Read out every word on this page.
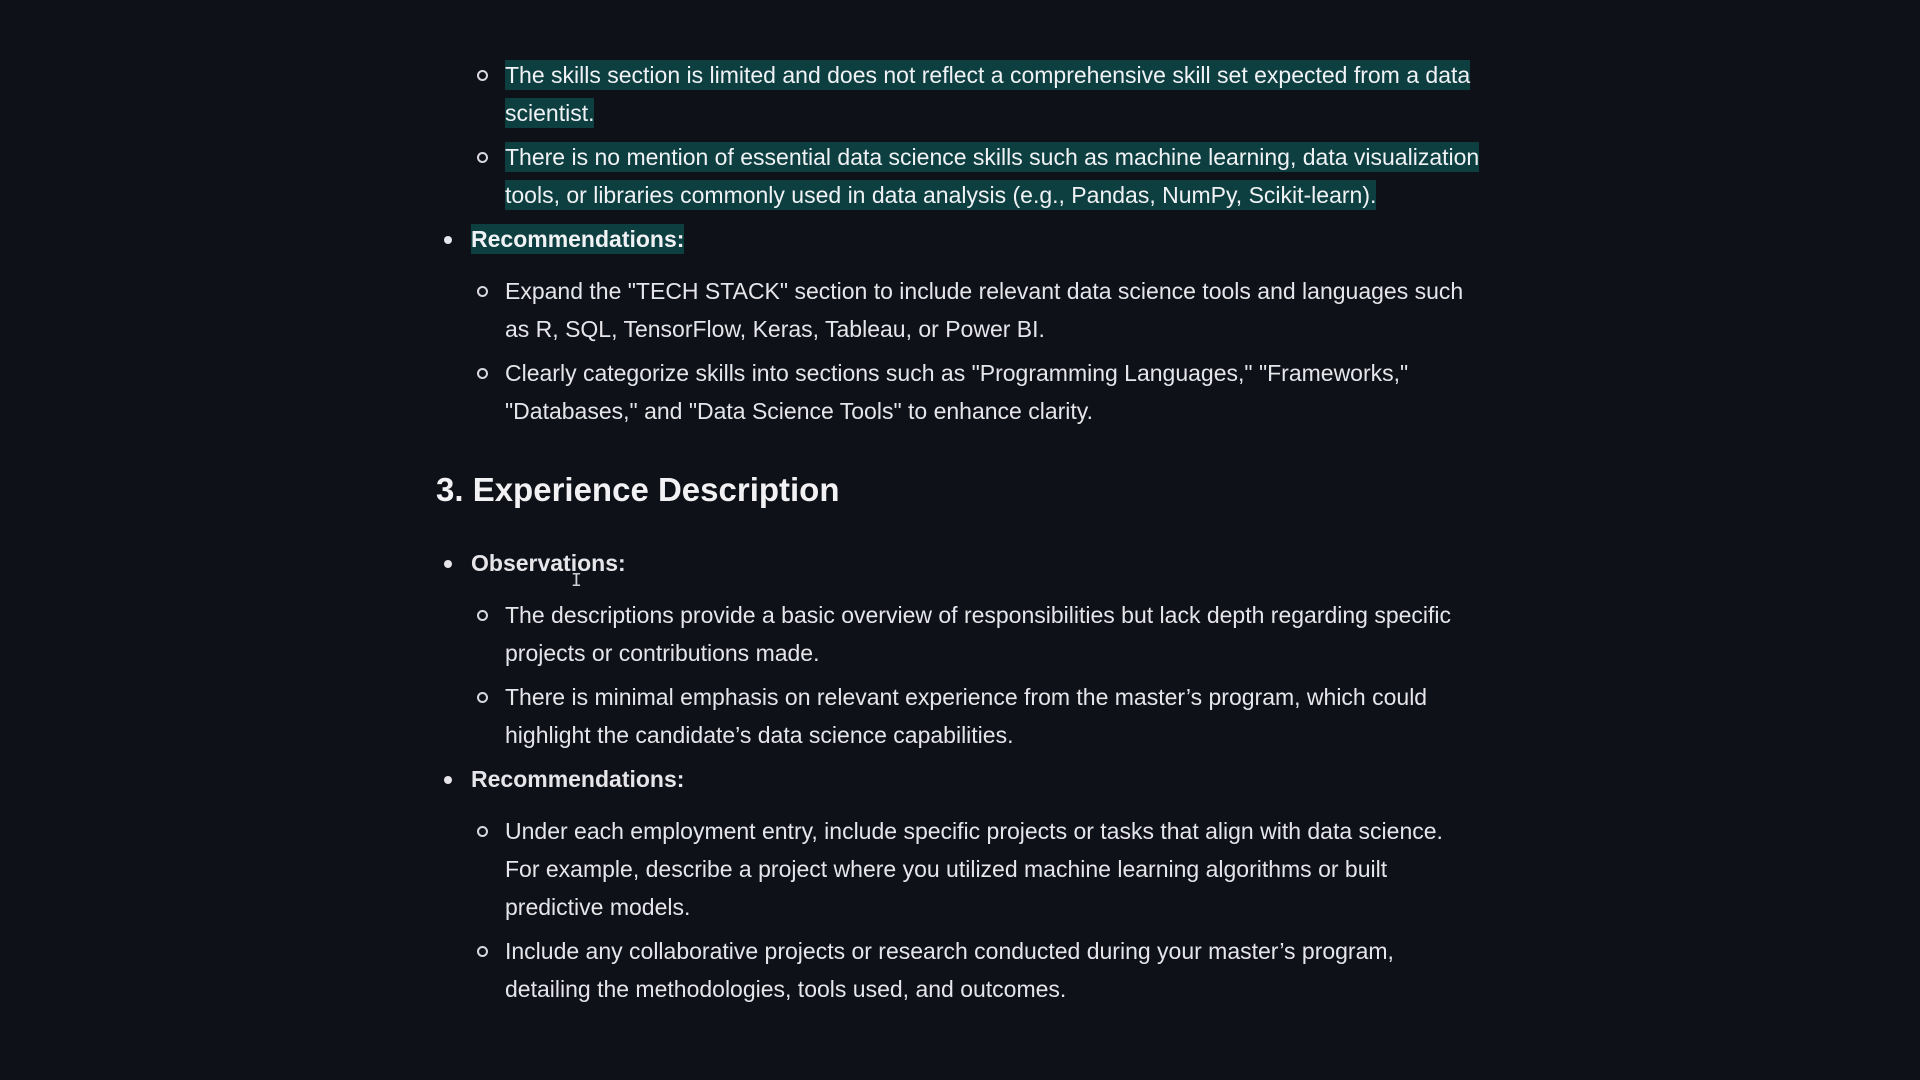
The skills section is limited and does not reflect a comprehensive skill set expected from a data scientist.
There is no mention of essential data science skills such as machine learning, data visualization tools, or libraries commonly used in data analysis (e.g., Pandas, NumPy, Scikit-learn).
Recommendations:
Expand the "TECH STACK" section to include relevant data science tools and languages such as R, SQL, TensorFlow, Keras, Tableau, or Power BI.
Clearly categorize skills into sections such as "Programming Languages," "Frameworks," "Databases," and "Data Science Tools" to enhance clarity.
3. Experience Description
Observations:
The descriptions provide a basic overview of responsibilities but lack depth regarding specific projects or contributions made.
There is minimal emphasis on relevant experience from the master’s program, which could highlight the candidate’s data science capabilities.
Recommendations:
Under each employment entry, include specific projects or tasks that align with data science. For example, describe a project where you utilized machine learning algorithms or built predictive models.
Include any collaborative projects or research conducted during your master’s program, detailing the methodologies, tools used, and outcomes.
I
